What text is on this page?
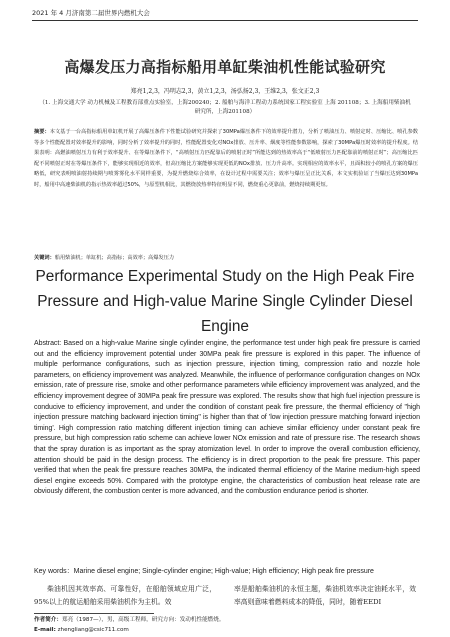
2021 年 4 月济南第二届世界内燃机大会
高爆发压力高指标船用单缸柴油机性能试验研究
郑亮1,2,3，冯明志2,3，黄立1,2,3，汤弘扬2,3，王维2,3，张文正2,3
（1. 上海交通大学 动力机械及工程教育部重点实验室，上海200240；2. 船舶与海洋工程动力系统国家工程实验室 上海 201108；3. 上海船用柴油机研究所，上海201108）
摘要：本文基于一台高指标船用单缸机开展了高爆压条件下性能试验研究并探索了30MPa爆压条件下的效率提升潜力，分析了喷油压力、喷射定时、压缩比、喷孔参数等多个性能配置对效率提升的影响，同时分析了效率提升的同时，性能配置变化对NOx排放、压升率、烟度等性能参数影响，探索了30MPa爆压时效率的提升程度。结果表明：高燃油喷射压力有利于效率提升、在等爆压条件下，“高喷射压力匹配靠后的喷射正时”所能达到的热效率高于“低喷射压力匹配靠前的喷射正时”；高压缩比匹配不同喷射正时在等爆压条件下，能够实现相近的效率，但高压缩比方案能够实现更低的NOx排放、压力升高率。实现相应的效率水平，且面积较小的喷孔方案的爆压略低，研究表明喷油射持续期与喷雾雾化水平同样重要，为提升燃烧综合效率，在设计过程中需要关注；效率与爆压呈正比关系，本文实机验证了当爆压达到30MPa时，船用中高速柴油机的指示热效率超过50%，与原型机相比，其燃烧放热率特征明显不同，燃烧重心更靠前，燃烧持续期更短。
关键词：船用柴油机；单缸机；高指标；高效率；高爆发压力
Performance Experimental Study on the High Peak Fire Pressure and High-value Marine Single Cylinder Diesel Engine
Abstract: Based on a high-value Marine single cylinder engine, the performance test under high peak fire pressure is carried out and the efficiency improvement potential under 30MPa peak fire pressure is explored in this paper. The influence of multiple performance configurations, such as injection pressure, injection timing, compression ratio and nozzle hole parameters, on efficiency improvement was analyzed. Meanwhile, the influence of performance configuration changes on NOx emission, rate of pressure rise, smoke and other performance parameters while efficiency improvement was analyzed, and the efficiency improvement degree of 30MPa peak fire pressure was explored. The results show that high fuel injection pressure is conducive to efficiency improvement, and under the condition of constant peak fire pressure, the thermal efficiency of "high injection pressure matching backward injection timing" is higher than that of 'low injection pressure matching forward injection timing'. High compression ratio matching different injection timing can achieve similar efficiency under constant peak fire pressure, but high compression ratio scheme can achieve lower NOx emission and rate of pressure rise. The research shows that the spray duration is as important as the spray atomization level. In order to improve the overall combustion efficiency, attention should be paid in the design process. The efficiency is in direct proportion to the peak fire pressure. This paper verified that when the peak fire pressure reaches 30MPa, the indicated thermal efficiency of the Marine medium-high speed diesel engine exceeds 50%. Compared with the prototype engine, the characteristics of combustion heat release rate are obviously different, the combustion center is more advanced, and the combustion endurance period is shorter.
Key words：Marine diesel engine; Single-cylinder engine; High-value; High efficiency; High peak fire pressure
柴油机因其效率高、可靠性好，在船舶领域应用广泛，95%以上的航运船舶采用柴油机作为主机。效
率是船舶柴油机的永恒主题，柴油机效率决定油耗水平，效率高则意味着燃料成本的降低，同时，随着EEDI
作者简介：郑亮（1987—），男，高级工程师，研究方向：发动机性能燃烧。
E-mail: zhengliang@csic711.com
